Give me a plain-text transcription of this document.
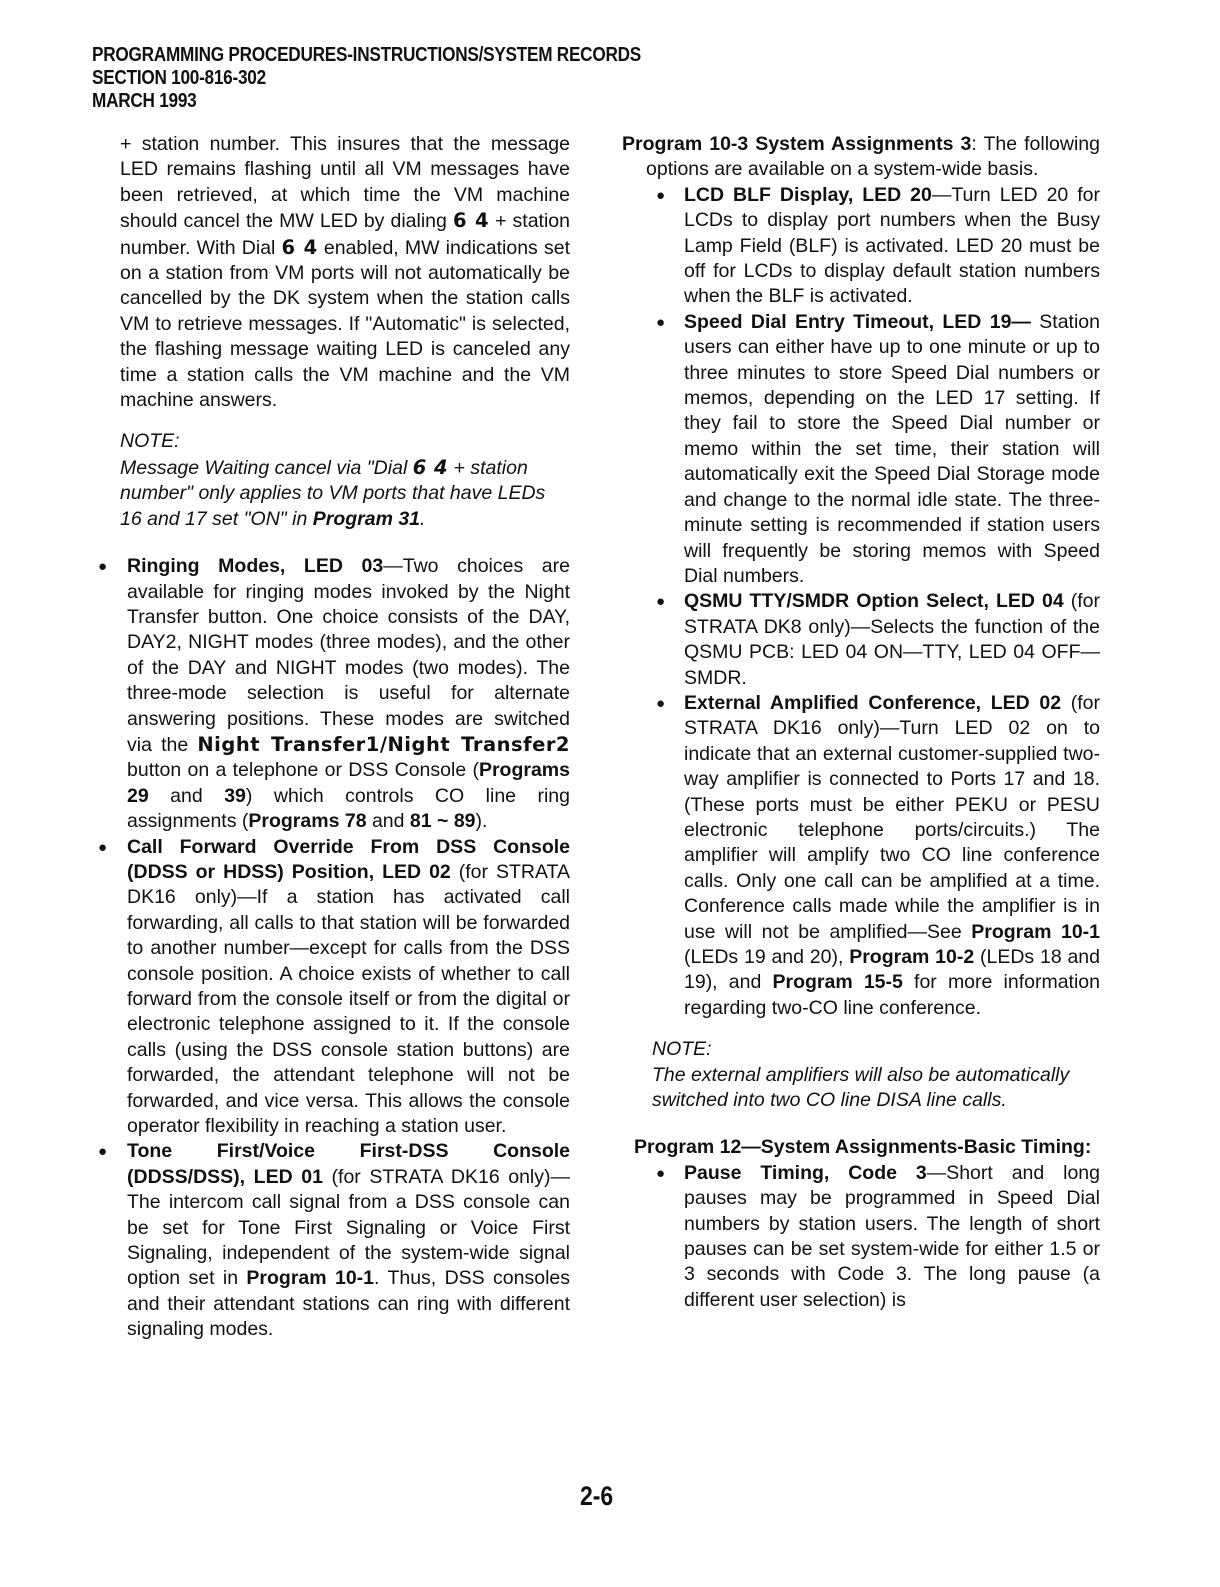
PROGRAMMING PROCEDURES-INSTRUCTIONS/SYSTEM RECORDS
SECTION 100-816-302
MARCH 1993

+ station number. This insures that the message LED remains flashing until all VM messages have been retrieved, at which time the VM machine should cancel the MW LED by dialing 6 4 + station number. With Dial 6 4 enabled, MW indications set on a station from VM ports will not automatically be cancelled by the DK system when the station calls VM to retrieve messages. If "Automatic" is selected, the flashing message waiting LED is canceled any time a station calls the VM machine and the VM machine answers.

NOTE:

Message Waiting cancel via "Dial 6 4 + station number" only applies to VM ports that have LEDs 16 and 17 set "ON" in Program 31.

● Ringing Modes, LED 03—Two choices are available for ringing modes invoked by the Night Transfer button. One choice consists of the DAY, DAY2, NIGHT modes (three modes), and the other of the DAY and NIGHT modes (two modes). The three-mode selection is useful for alternate answering positions. These modes are switched via the Night Transfer1/Night Transfer2 button on a telephone or DSS Console (Programs 29 and 39) which controls CO line ring assignments (Programs 78 and 81 ~ 89).
● Call Forward Override From DSS Console (DDSS or HDSS) Position, LED 02 (for STRATA DK16 only)—If a station has activated call forwarding, all calls to that station will be forwarded to another number—except for calls from the DSS console position. A choice exists of whether to call forward from the console itself or from the digital or electronic telephone assigned to it. If the console calls (using the DSS console station buttons) are forwarded, the attendant telephone will not be forwarded, and vice versa. This allows the console operator flexibility in reaching a station user.
● Tone First/Voice First-DSS Console (DDSS/DSS), LED 01 (for STRATA DK16 only)—The intercom call signal from a DSS console can be set for Tone First Signaling or Voice First Signaling, independent of the system-wide signal option set in Program 10-1. Thus, DSS consoles and their attendant stations can ring with different signaling modes.

Program 10-3 System Assignments 3: The following options are available on a system-wide basis.

● LCD BLF Display, LED 20—Turn LED 20 for LCDs to display port numbers when the Busy Lamp Field (BLF) is activated. LED 20 must be off for LCDs to display default station numbers when the BLF is activated.
● Speed Dial Entry Timeout, LED 19— Station users can either have up to one minute or up to three minutes to store Speed Dial numbers or memos, depending on the LED 17 setting. If they fail to store the Speed Dial number or memo within the set time, their station will automatically exit the Speed Dial Storage mode and change to the normal idle state. The three-minute setting is recommended if station users will frequently be storing memos with Speed Dial numbers.
● QSMU TTY/SMDR Option Select, LED 04 (for STRATA DK8 only)—Selects the function of the QSMU PCB: LED 04 ON—TTY, LED 04 OFF—SMDR.
● External Amplified Conference, LED 02 (for STRATA DK16 only)—Turn LED 02 on to indicate that an external customer-supplied two-way amplifier is connected to Ports 17 and 18. (These ports must be either PEKU or PESU electronic telephone ports/circuits.) The amplifier will amplify two CO line conference calls. Only one call can be amplified at a time. Conference calls made while the amplifier is in use will not be amplified—See Program 10-1 (LEDs 19 and 20), Program 10-2 (LEDs 18 and 19), and Program 15-5 for more information regarding two-CO line conference.

NOTE:

The external amplifiers will also be automatically switched into two CO line DISA line calls.

Program 12—System Assignments-Basic Timing:

● Pause Timing, Code 3—Short and long pauses may be programmed in Speed Dial numbers by station users. The length of short pauses can be set system-wide for either 1.5 or 3 seconds with Code 3. The long pause (a different user selection) is
2-6
